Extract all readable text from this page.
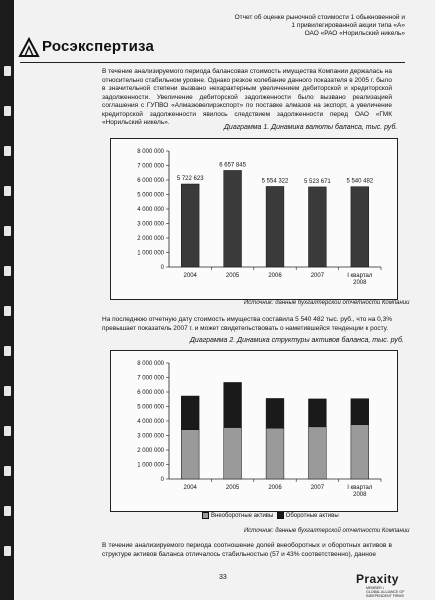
Росэкспертиза
Отчет об оценке рыночной стоимости 1 обыкновенной и
1 привилегированной акции типа «А»
ОАО «РАО «Норильский никель»
В течение анализируемого периода балансовая стоимость имущества Компании держалась на относительно стабильном уровне. Однако резкое колебание данного показателя в 2005 г. было в значительной степени вызвано нехарактерным увеличением дебиторской и кредиторской задолженности. Увеличение дебиторской задолженности было вызвано реализацией соглашения с ГУПВО «Алмазювелирэкспорт» по поставке алмазов на экспорт, а увеличение кредиторской задолженности явилось следствием задолженности перед ОАО «ГМК «Норильский никель».
Диаграмма 1. Динамика валюты баланса, тыс. руб.
0
1 000 000
2 000 000
3 000 000
4 000 000
5 000 000
6 000 000
7 000 000
8 000 000
5 722 623
2004
6 657 845
2005
5 554 322
2006
5 523 671
2007
5 540 482
I квартал
2008
Источник: данные бухгалтерской отчетности Компании
На последнюю отчетную дату стоимость имущества составила 5 540 482 тыс. руб., что на 0,3% превышает показатель 2007 г. и может свидетельствовать о наметившейся тенденции к росту.
Диаграмма 2. Динамика структуры активов баланса, тыс. руб.
0
1 000 000
2 000 000
3 000 000
4 000 000
5 000 000
6 000 000
7 000 000
8 000 000
2004	2005	2006	2007	I квартал
2008
Внеоборотные активы Оборотные активы
Источник: данные бухгалтерской отчетности Компании
В течение анализируемого периода соотношение долей внеоборотных и оборотных активов в структуре активов баланса отличалось стабильностью (57 и 43% соответственно), данное
33	Praxity
MEMBER •
GLOBAL ALLIANCE OF
INDEPENDENT FIRMS
